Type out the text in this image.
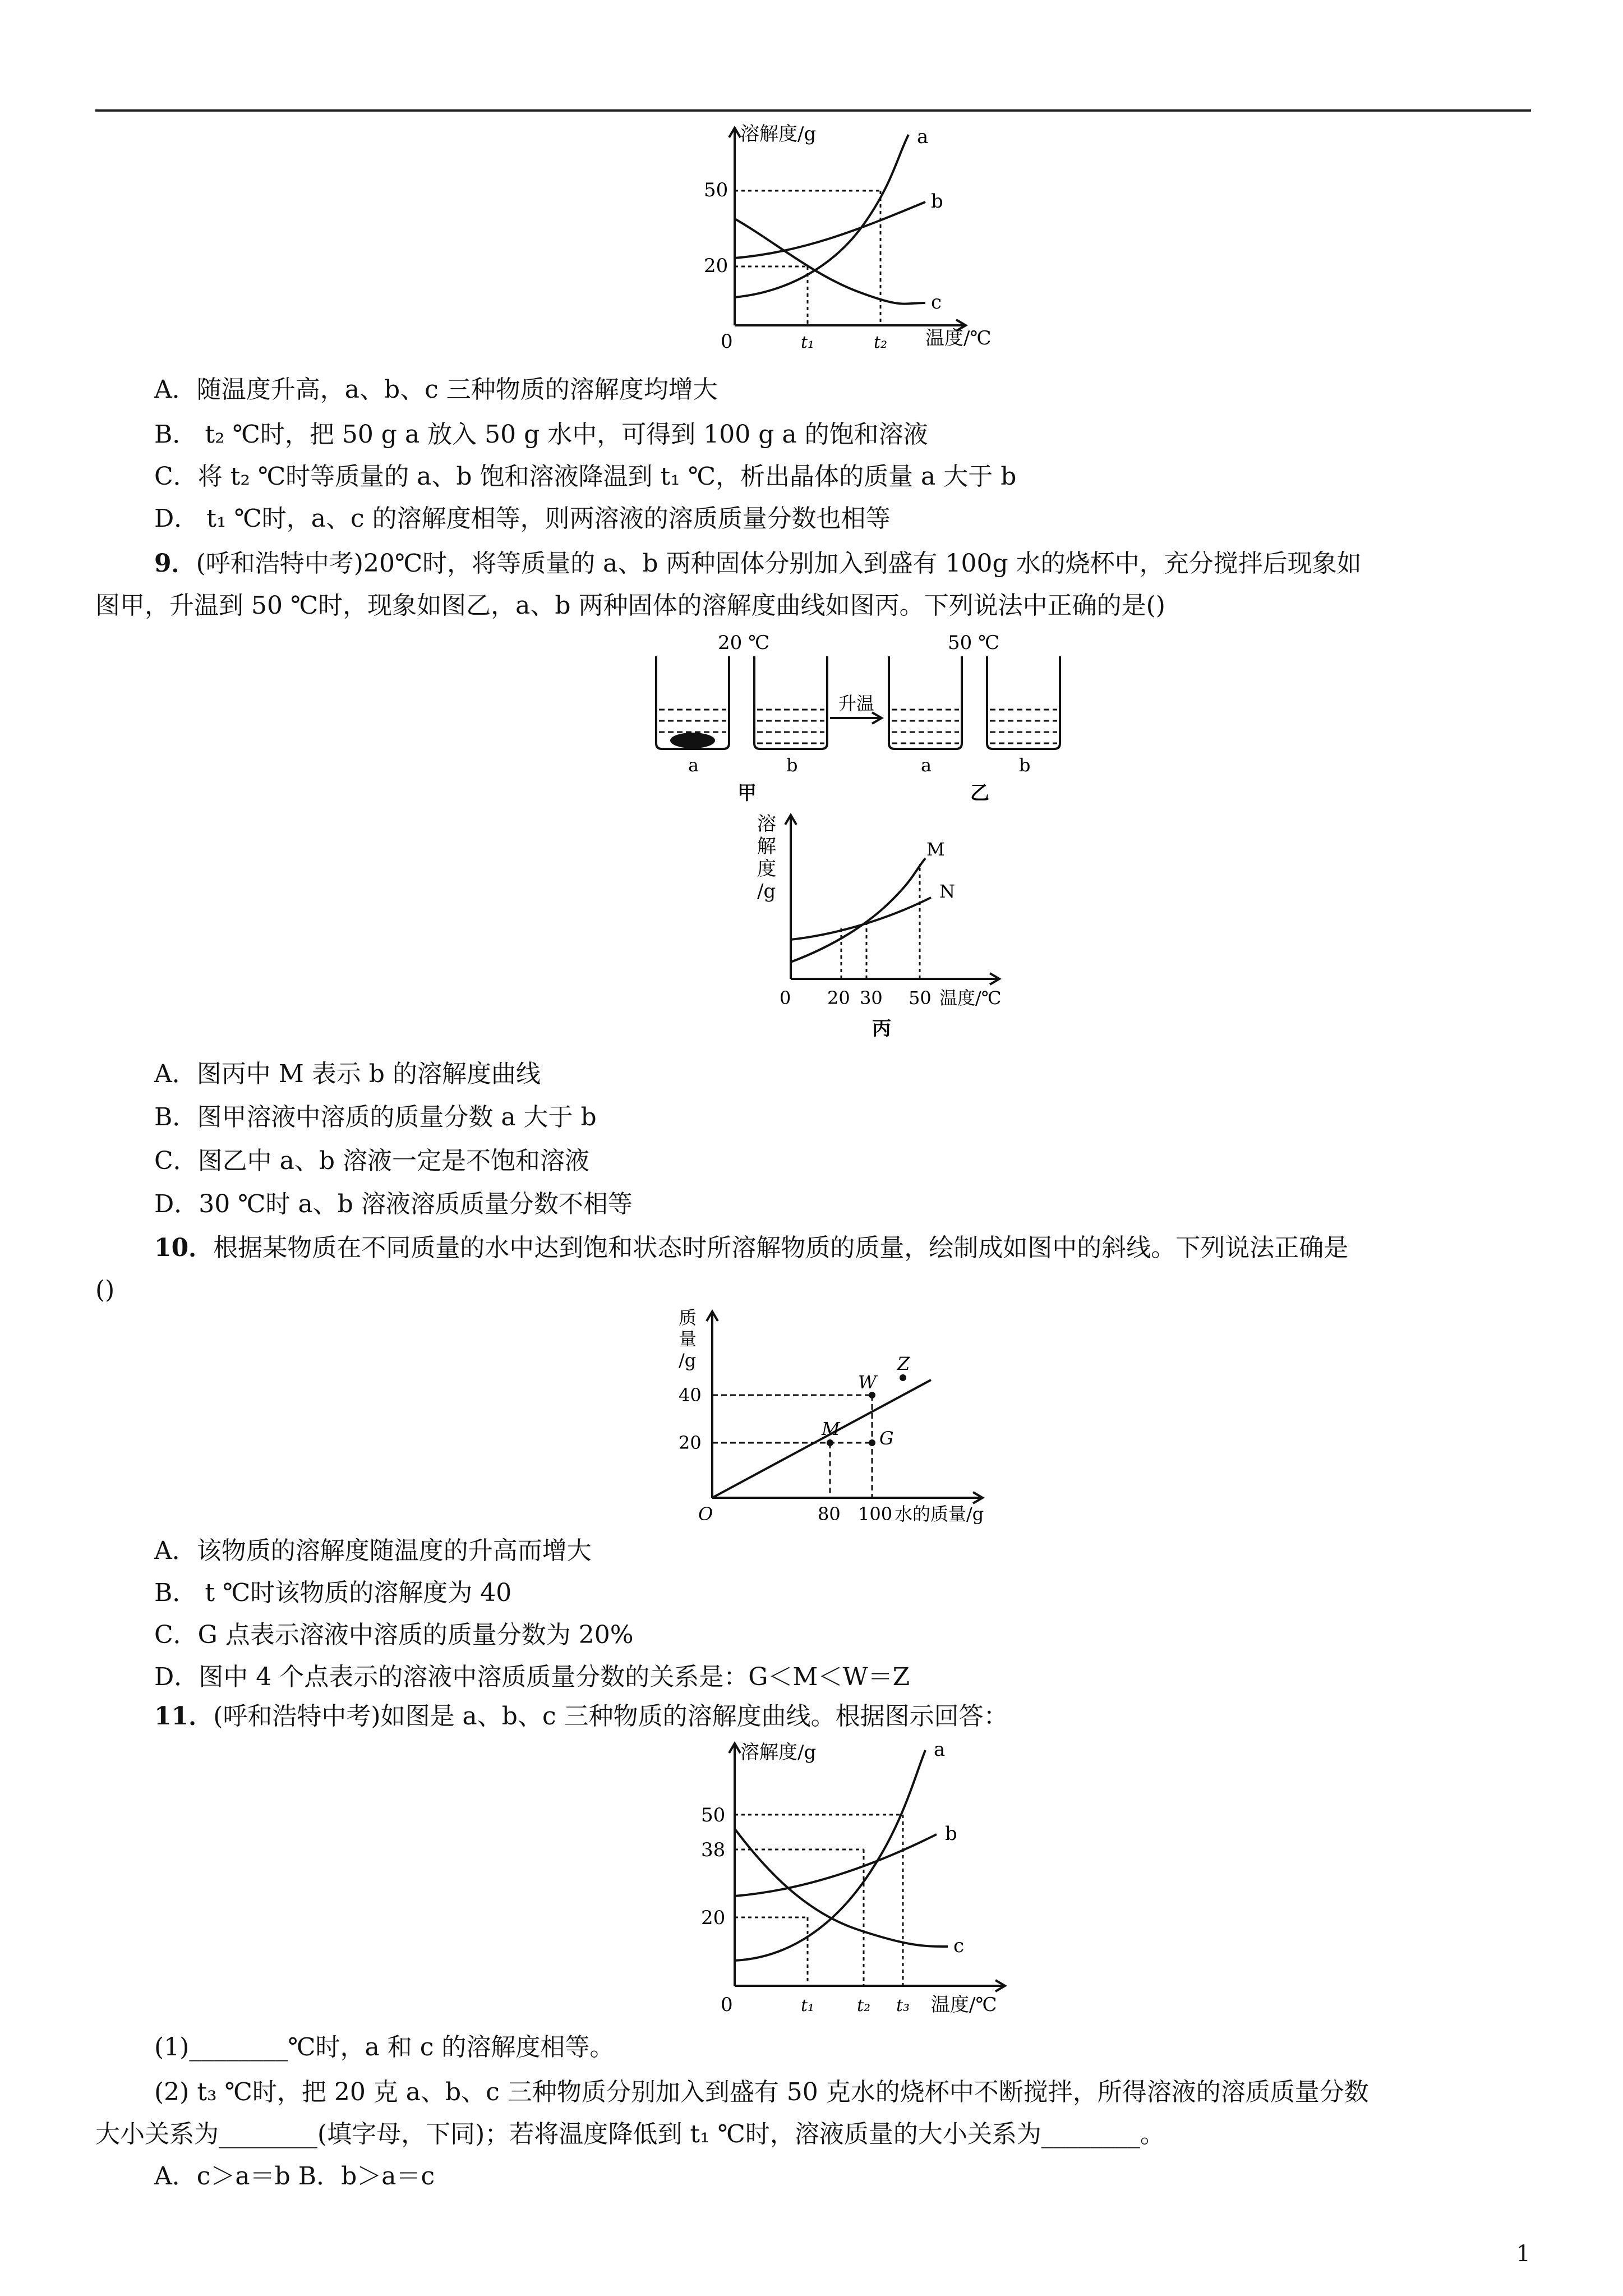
溶解度/g
温度/℃
50
20
0	t₁	t₂
a
b
c
A．随温度升高，a、b、c 三种物质的溶解度均增大
B． t₂ ℃时，把 50 g a 放入 50 g 水中，可得到 100 g a 的饱和溶液
C．将 t₂ ℃时等质量的 a、b 饱和溶液降温到 t₁ ℃，析出晶体的质量 a 大于 b
D． t₁ ℃时，a、c 的溶解度相等，则两溶液的溶质质量分数也相等
9．(呼和浩特中考)20℃时，将等质量的 a、b 两种固体分别加入到盛有 100g 水的烧杯中，充分搅拌后现象如
图甲，升温到 50 ℃时，现象如图乙，a、b 两种固体的溶解度曲线如图丙。下列说法中正确的是()
20 ℃	50 ℃
升温
a	b	a	b
甲	乙
溶
解
度
/g
M
N
0 20 30 50 温度/℃
丙
A．图丙中 M 表示 b 的溶解度曲线
B．图甲溶液中溶质的质量分数 a 大于 b
C．图乙中 a、b 溶液一定是不饱和溶液
D．30 ℃时 a、b 溶液溶质质量分数不相等
10．根据某物质在不同质量的水中达到饱和状态时所溶解物质的质量，绘制成如图中的斜线。下列说法正确是
()
质
量
/g
40
20
O	80 100 水的质量/g
W
Z
M G
A．该物质的溶解度随温度的升高而增大
B． t ℃时该物质的溶解度为 40
C．G 点表示溶液中溶质的质量分数为 20%
D．图中 4 个点表示的溶液中溶质质量分数的关系是：G＜M＜W＝Z
11．(呼和浩特中考)如图是 a、b、c 三种物质的溶解度曲线。根据图示回答：
溶解度/g
50
38
20
0	t₁	t₂ t₃ 温度/℃
a
b
c
(1)________℃时，a 和 c 的溶解度相等。
(2) t₃ ℃时，把 20 克 a、b、c 三种物质分别加入到盛有 50 克水的烧杯中不断搅拌，所得溶液的溶质质量分数
大小关系为________(填字母，下同)；若将温度降低到 t₁ ℃时，溶液质量的大小关系为________。
A．c＞a＝b B．b＞a＝c
1
